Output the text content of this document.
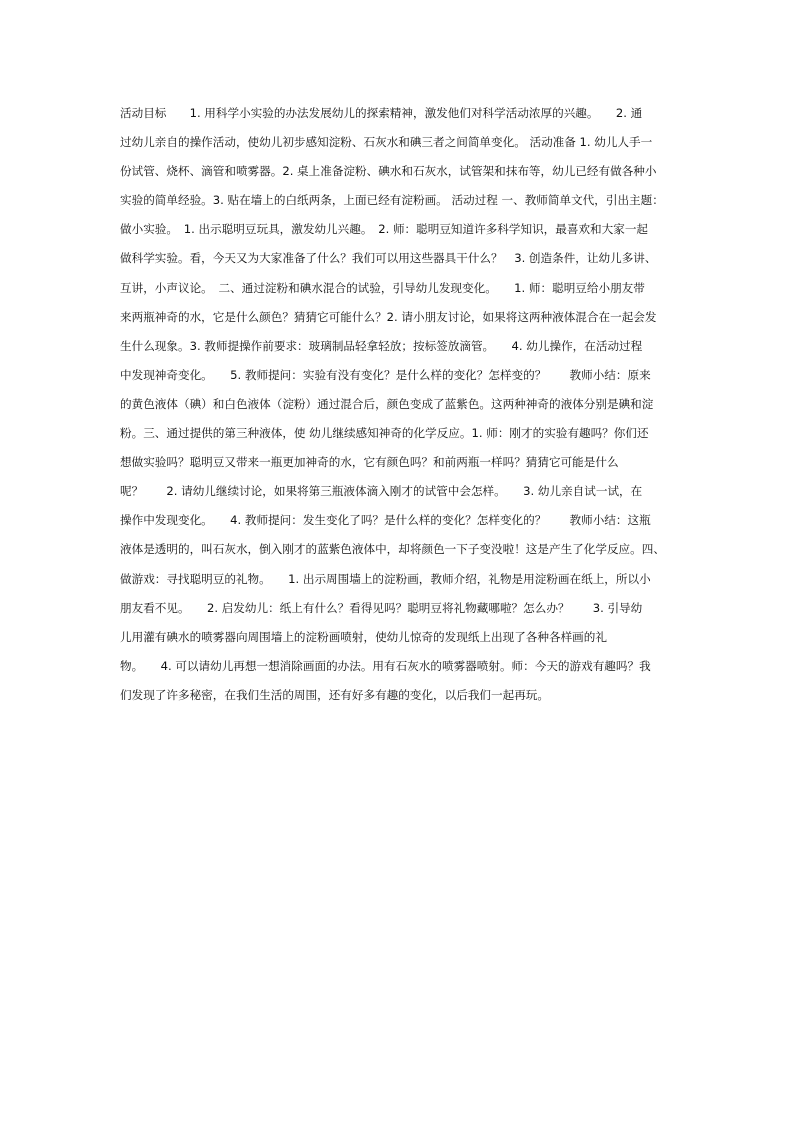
活动目标　　1. 用科学小实验的办法发展幼儿的探索精神，激发他们对科学活动浓厚的兴趣。　　2. 通
过幼儿亲自的操作活动，使幼儿初步感知淀粉、石灰水和碘三者之间简单变化。 活动准备 1. 幼儿人手一
份试管、烧杯、滴管和喷雾器。2. 桌上准备淀粉、碘水和石灰水，试管架和抹布等，幼儿已经有做各种小
实验的简单经验。3. 贴在墙上的白纸两条，上面已经有淀粉画。 活动过程 一、教师简单文代，引出主题：
做小实验。　1. 出示聪明豆玩具，激发幼儿兴趣。　2. 师：聪明豆知道许多科学知识，最喜欢和大家一起
做科学实验。看，今天又为大家准备了什么？我们可以用这些器具干什么？　3. 创造条件，让幼儿多讲、
互讲，小声议论。　二、通过淀粉和碘水混合的试验，引导幼儿发现变化。　　1. 师：聪明豆给小朋友带
来两瓶神奇的水，它是什么颜色？猜猜它可能什么？2. 请小朋友讨论，如果将这两种液体混合在一起会发
生什么现象。3. 教师提操作前要求：玻璃制品轻拿轻放；按标签放滴管。　　4. 幼儿操作，在活动过程
中发现神奇变化。　　5. 教师提问：实验有没有变化？是什么样的变化？怎样变的？　　教师小结：原来
的黄色液体（碘）和白色液体（淀粉）通过混合后，颜色变成了蓝紫色。这两种神奇的液体分别是碘和淀
粉。三、通过提供的第三种液体，使 幼儿继续感知神奇的化学反应。1. 师：刚才的实验有趣吗？你们还
想做实验吗？聪明豆又带来一瓶更加神奇的水，它有颜色吗？和前两瓶一样吗？猜猜它可能是什么
呢？　　2. 请幼儿继续讨论，如果将第三瓶液体滴入刚才的试管中会怎样。　　3. 幼儿亲自试一试，在
操作中发现变化。　　4. 教师提问：发生变化了吗？是什么样的变化？怎样变化的？　　教师小结：这瓶
液体是透明的，叫石灰水，倒入刚才的蓝紫色液体中，却将颜色一下子变没啦！这是产生了化学反应。四、
做游戏：寻找聪明豆的礼物。　　1. 出示周围墙上的淀粉画，教师介绍，礼物是用淀粉画在纸上，所以小
朋友看不见。　　2. 启发幼儿：纸上有什么？看得见吗？聪明豆将礼物藏哪啦？怎么办？　　3. 引导幼
儿用灌有碘水的喷雾器向周围墙上的淀粉画喷射，使幼儿惊奇的发现纸上出现了各种各样画的礼
物。　　4. 可以请幼儿再想一想消除画面的办法。用有石灰水的喷雾器喷射。师：今天的游戏有趣吗？我
们发现了许多秘密，在我们生活的周围，还有好多有趣的变化，以后我们一起再玩。
